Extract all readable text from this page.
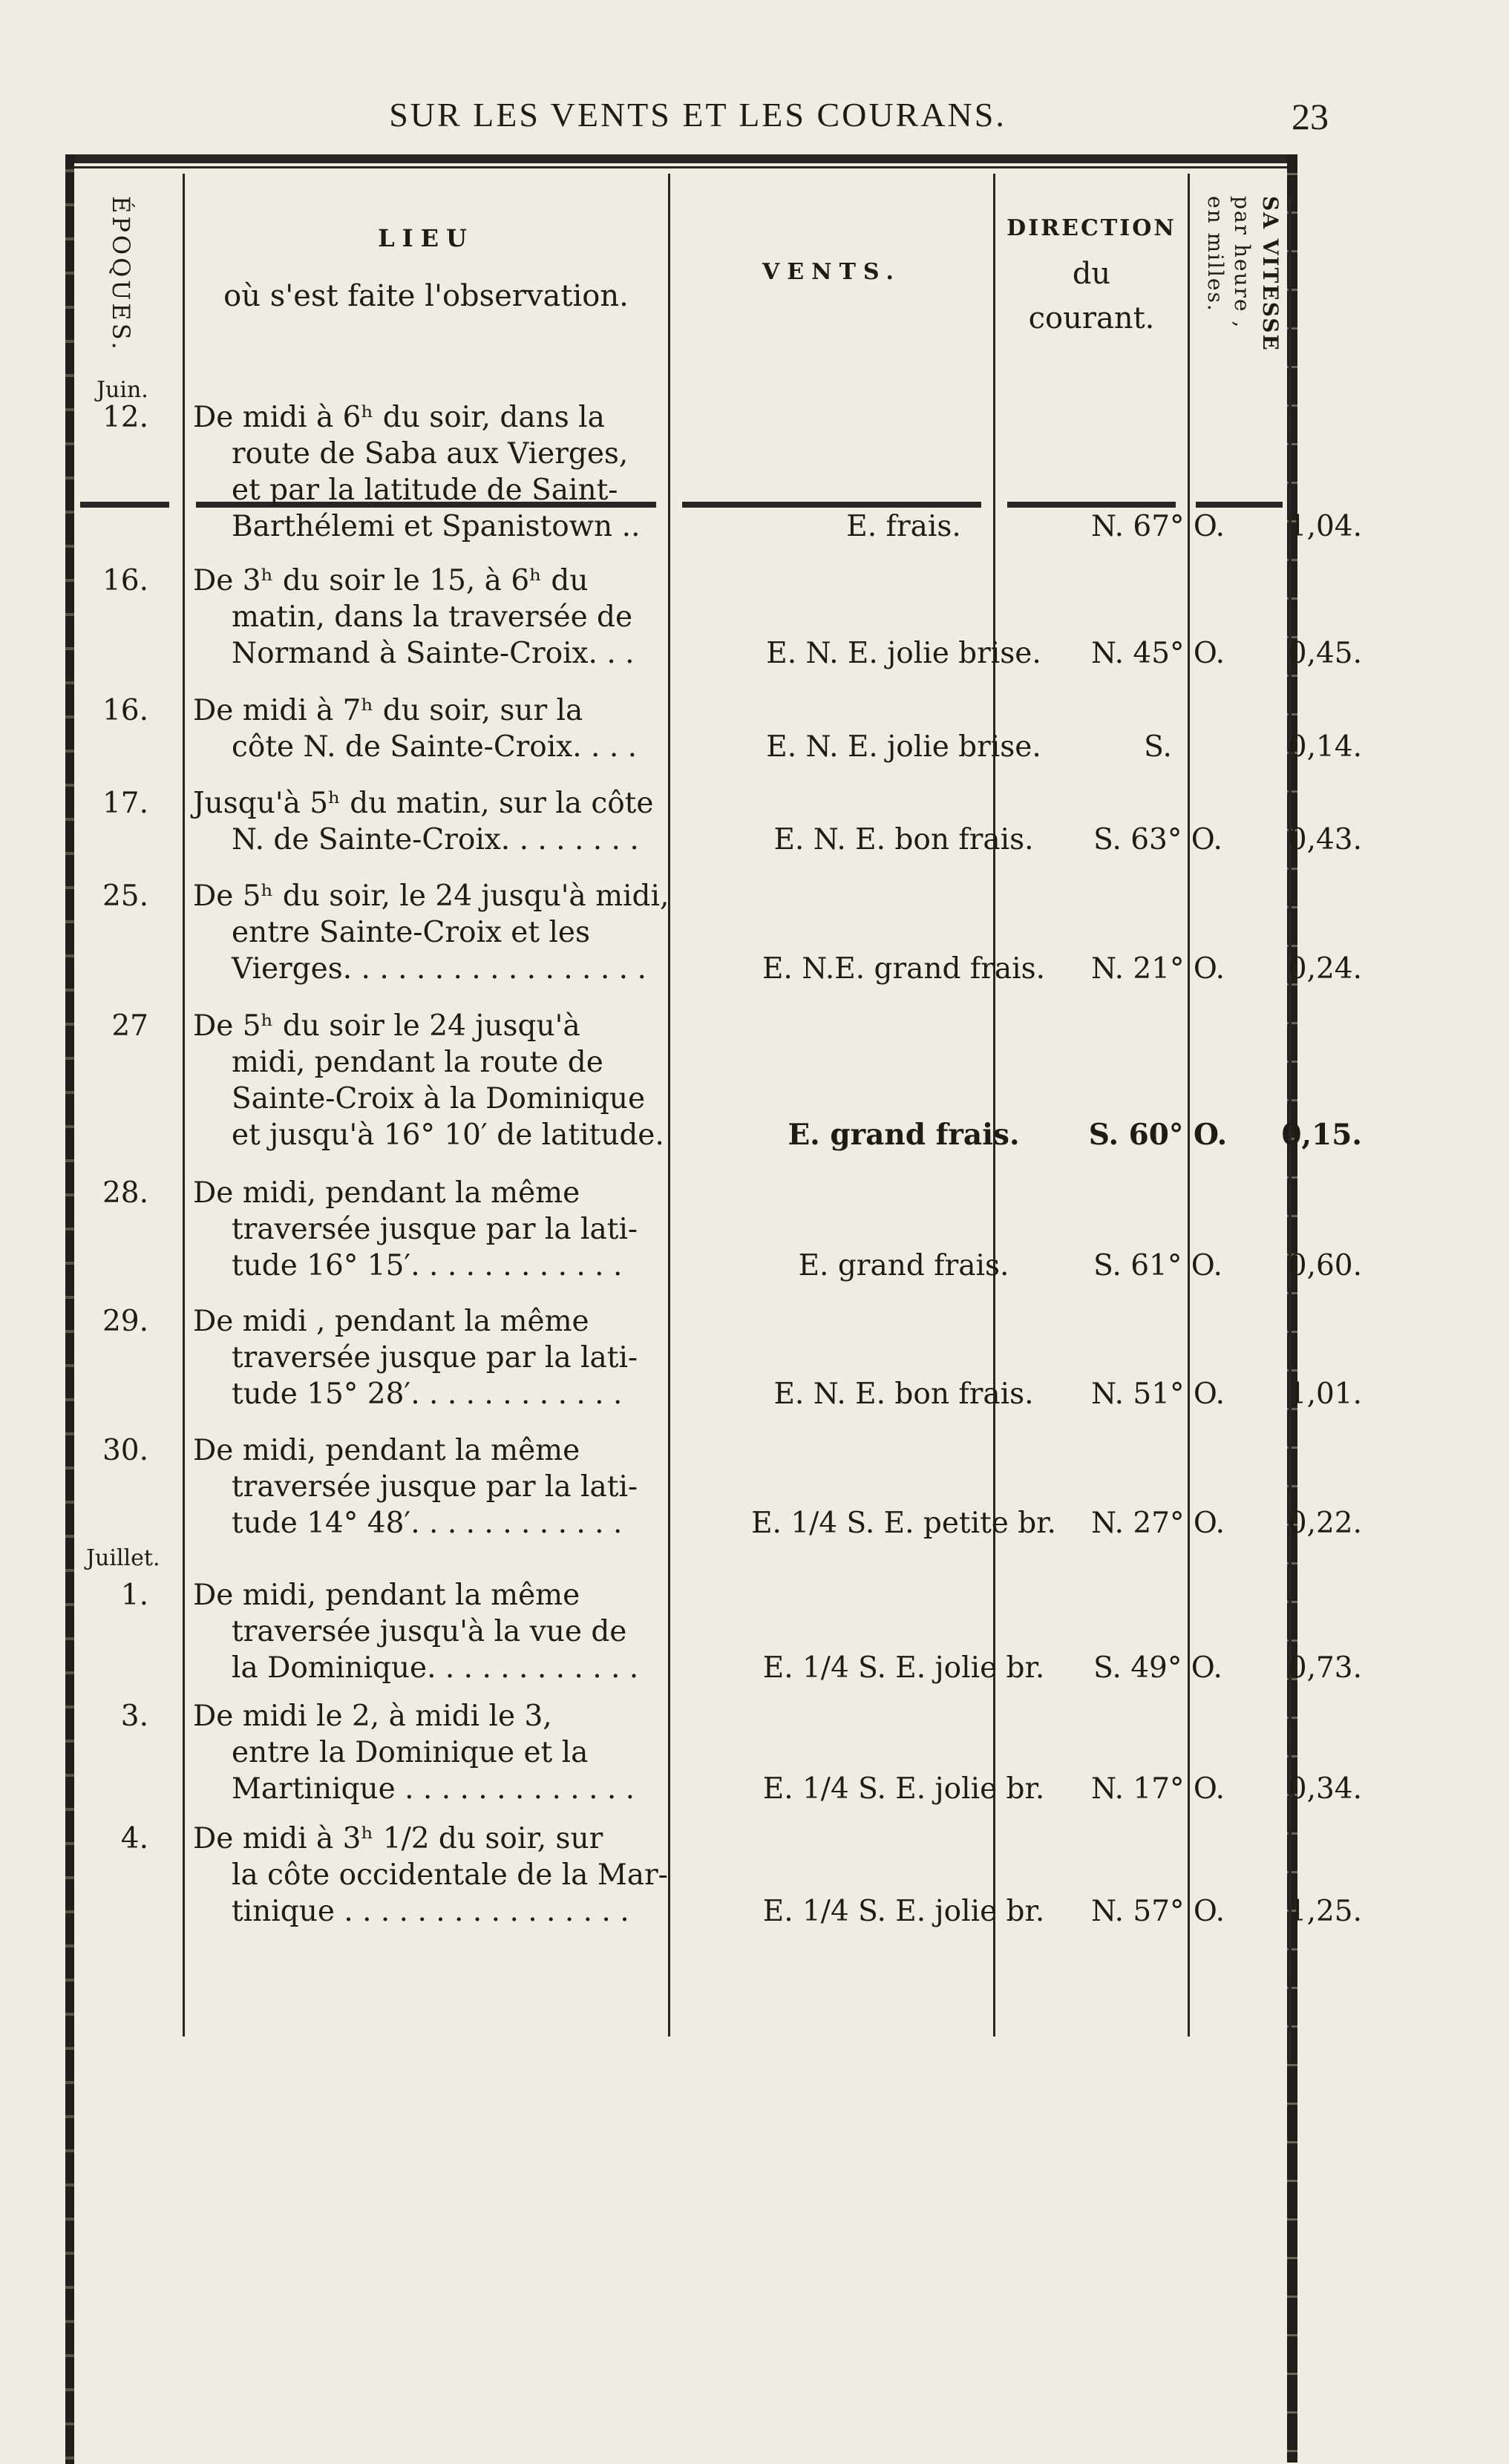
SUR LES VENTS ET LES COURANS.	23
ÉPOQUES.	LIEU
où s'est faite l'observation.
VENTS.
DIRECTION
du
courant.	SA VITESSE
par heure ,
en milles.
Juin.
Juillet.
12. De midi à 6ʰ du soir, dans la
route de Saba aux Vierges,
et par la latitude de Saint-
Barthélemi et Spanistown ..	E. frais.	N. 67° O.	1,04.
16. De 3ʰ du soir le 15, à 6ʰ du
matin, dans la traversée de
Normand à Sainte-Croix. . .	E. N. E. jolie brise.	N. 45° O.	0,45.
16. De midi à 7ʰ du soir, sur la
côte N. de Sainte-Croix. . . .	E. N. E. jolie brise.	S.	0,14.
17. Jusqu'à 5ʰ du matin, sur la côte
N. de Sainte-Croix. . . . . . . .	E. N. E. bon frais.	S. 63° O.	0,43.
25. De 5ʰ du soir, le 24 jusqu'à midi,
entre Sainte-Croix et les
Vierges. . . . . . . . . . . . . . . . .	E. N.E. grand frais.	N. 21° O.	0,24.
27 De 5ʰ du soir le 24 jusqu'à
midi, pendant la route de
Sainte-Croix à la Dominique
et jusqu'à 16° 10′ de latitude.	E. grand frais.	S. 60° O.	0,15.
28. De midi, pendant la même
traversée jusque par la lati-
tude 16° 15′. . . . . . . . . . . .	E. grand frais.	S. 61° O.	0,60.
29. De midi , pendant la même
traversée jusque par la lati-
tude 15° 28′. . . . . . . . . . . .	E. N. E. bon frais.	N. 51° O.	1,01.
30. De midi, pendant la même
traversée jusque par la lati-
tude 14° 48′. . . . . . . . . . . .	E. 1/4 S. E. petite br.	N. 27° O.	0,22.
1. De midi, pendant la même
traversée jusqu'à la vue de
la Dominique. . . . . . . . . . . .	E. 1/4 S. E. jolie br.	S. 49° O.	0,73.
3. De midi le 2, à midi le 3,
entre la Dominique et la
Martinique . . . . . . . . . . . . .	E. 1/4 S. E. jolie br.	N. 17° O.	0,34.
4. De midi à 3ʰ 1/2 du soir, sur
la côte occidentale de la Mar-
tinique . . . . . . . . . . . . . . . .	E. 1/4 S. E. jolie br.	N. 57° O.	1,25.
